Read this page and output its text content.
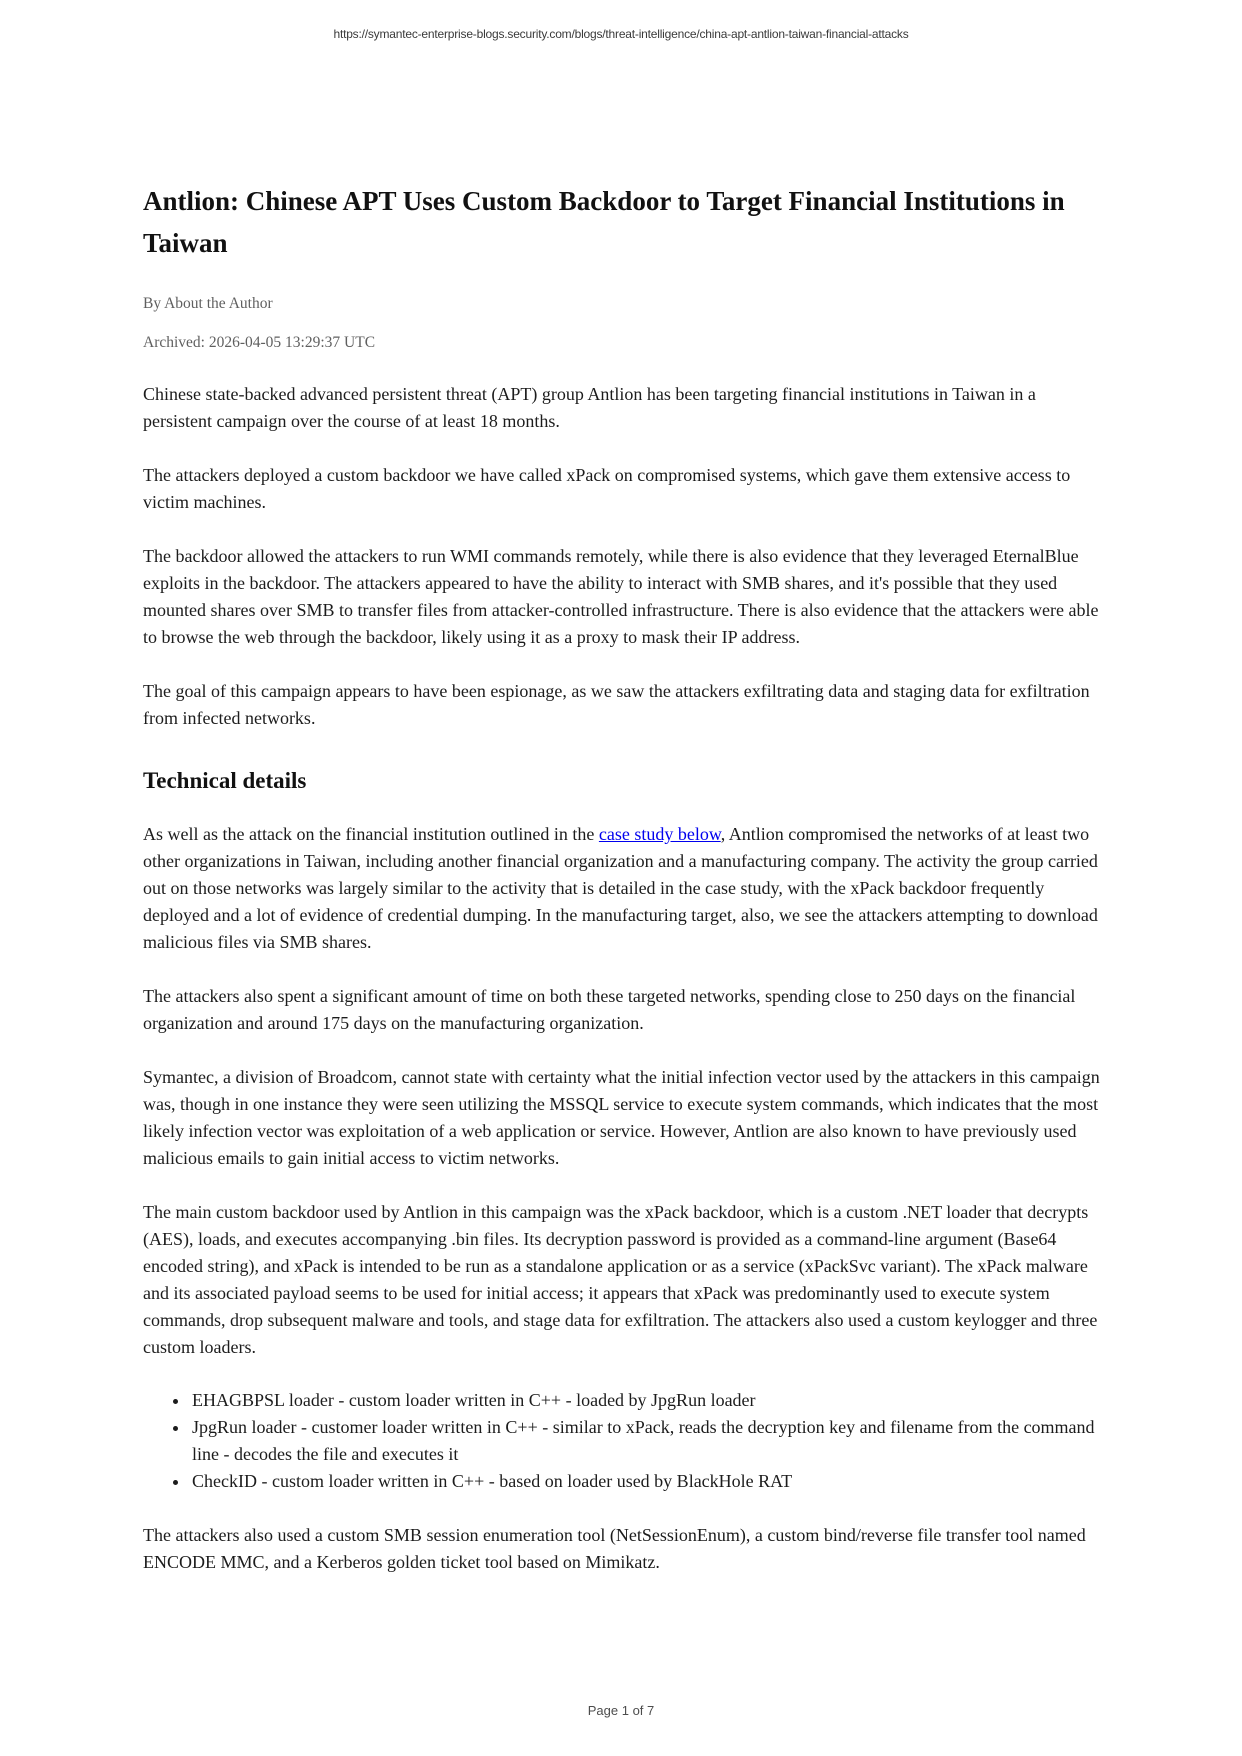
https://symantec-enterprise-blogs.security.com/blogs/threat-intelligence/china-apt-antlion-taiwan-financial-attacks
Antlion: Chinese APT Uses Custom Backdoor to Target Financial Institutions in Taiwan
By About the Author
Archived: 2026-04-05 13:29:37 UTC

Chinese state-backed advanced persistent threat (APT) group Antlion has been targeting financial institutions in Taiwan in a persistent campaign over the course of at least 18 months.

The attackers deployed a custom backdoor we have called xPack on compromised systems, which gave them extensive access to victim machines.

The backdoor allowed the attackers to run WMI commands remotely, while there is also evidence that they leveraged EternalBlue exploits in the backdoor. The attackers appeared to have the ability to interact with SMB shares, and it's possible that they used mounted shares over SMB to transfer files from attacker-controlled infrastructure. There is also evidence that the attackers were able to browse the web through the backdoor, likely using it as a proxy to mask their IP address.

The goal of this campaign appears to have been espionage, as we saw the attackers exfiltrating data and staging data for exfiltration from infected networks.

Technical details

As well as the attack on the financial institution outlined in the case study below, Antlion compromised the networks of at least two other organizations in Taiwan, including another financial organization and a manufacturing company. The activity the group carried out on those networks was largely similar to the activity that is detailed in the case study, with the xPack backdoor frequently deployed and a lot of evidence of credential dumping. In the manufacturing target, also, we see the attackers attempting to download malicious files via SMB shares.

The attackers also spent a significant amount of time on both these targeted networks, spending close to 250 days on the financial organization and around 175 days on the manufacturing organization.

Symantec, a division of Broadcom, cannot state with certainty what the initial infection vector used by the attackers in this campaign was, though in one instance they were seen utilizing the MSSQL service to execute system commands, which indicates that the most likely infection vector was exploitation of a web application or service. However, Antlion are also known to have previously used malicious emails to gain initial access to victim networks.

The main custom backdoor used by Antlion in this campaign was the xPack backdoor, which is a custom .NET loader that decrypts (AES), loads, and executes accompanying .bin files. Its decryption password is provided as a command-line argument (Base64 encoded string), and xPack is intended to be run as a standalone application or as a service (xPackSvc variant). The xPack malware and its associated payload seems to be used for initial access; it appears that xPack was predominantly used to execute system commands, drop subsequent malware and tools, and stage data for exfiltration. The attackers also used a custom keylogger and three custom loaders.

• EHAGBPSL loader - custom loader written in C++ - loaded by JpgRun loader
• JpgRun loader - customer loader written in C++ - similar to xPack, reads the decryption key and filename from the command line - decodes the file and executes it
• CheckID - custom loader written in C++ - based on loader used by BlackHole RAT

The attackers also used a custom SMB session enumeration tool (NetSessionEnum), a custom bind/reverse file transfer tool named ENCODE MMC, and a Kerberos golden ticket tool based on Mimikatz.

Page 1 of 7
